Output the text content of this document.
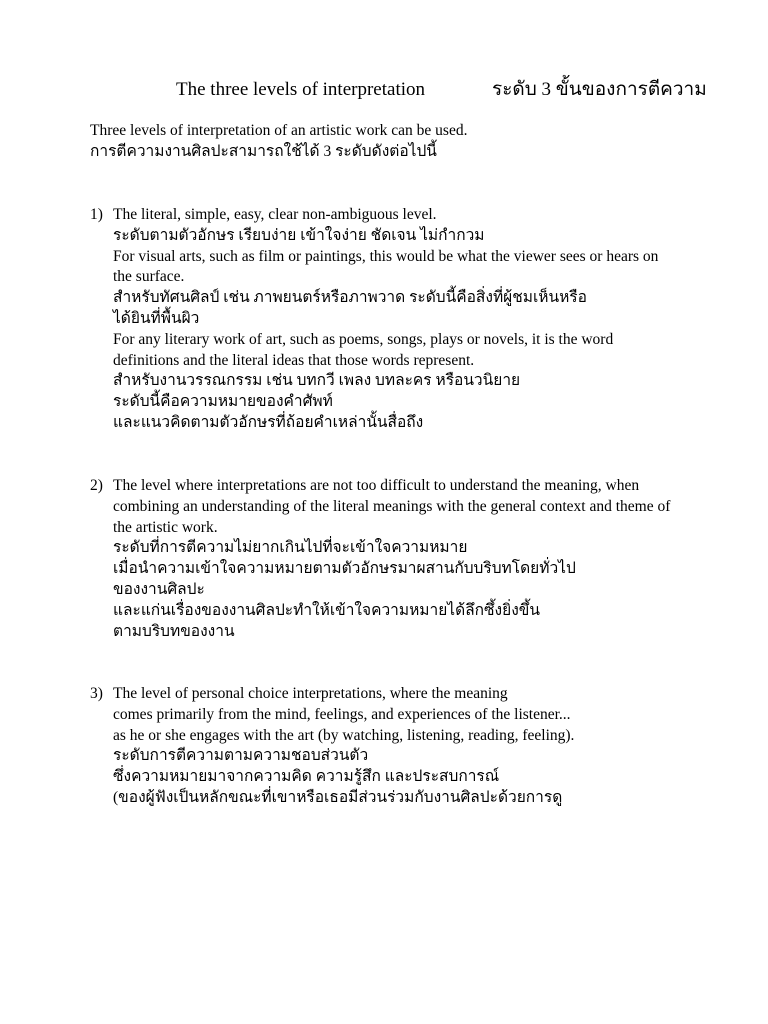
The three levels of interpretation	ระดับ 3 ขั้นของการตีความ
Three levels of interpretation of an artistic work can be used.
การตีความงานศิลปะสามารถใช้ได้ 3 ระดับดังต่อไปนี้
1) The literal, simple, easy, clear non-ambiguous level.
ระดับตามตัวอักษร เรียบง่าย เข้าใจง่าย ชัดเจน ไม่กำกวม
For visual arts, such as film or paintings, this would be what the viewer sees or hears on the surface.
สำหรับทัศนศิลป์ เช่น ภาพยนตร์หรือภาพวาด ระดับนี้คือสิ่งที่ผู้ชมเห็นหรือ
ได้ยินที่พื้นผิว
For any literary work of art, such as poems, songs, plays or novels, it is the word definitions and the literal ideas that those words represent.
สำหรับงานวรรณกรรม เช่น บทกวี เพลง บทละคร หรือนวนิยาย
ระดับนี้คือความหมายของคำศัพท์
และแนวคิดตามตัวอักษรที่ถ้อยคำเหล่านั้นสื่อถึง
2) The level where interpretations are not too difficult to understand the meaning, when combining an understanding of the literal meanings with the general context and theme of the artistic work.
ระดับที่การตีความไม่ยากเกินไปที่จะเข้าใจความหมาย
เมื่อนำความเข้าใจความหมายตามตัวอักษรมาผสานกับบริบทโดยทั่วไป
ของงานศิลปะ
และแก่นเรื่องของงานศิลปะทำให้เข้าใจความหมายได้ลึกซึ้งยิ่งขึ้น
ตามบริบทของงาน
3) The level of personal choice interpretations, where the meaning
comes primarily from the mind, feelings, and experiences of the listener...
as he or she engages with the art (by watching, listening, reading, feeling).
ระดับการตีความตามความชอบส่วนตัว
ซึ่งความหมายมาจากความคิด ความรู้สึก และประสบการณ์
(ของผู้ฟังเป็นหลักขณะที่เขาหรือเธอมีส่วนร่วมกับงานศิลปะด้วยการดู
